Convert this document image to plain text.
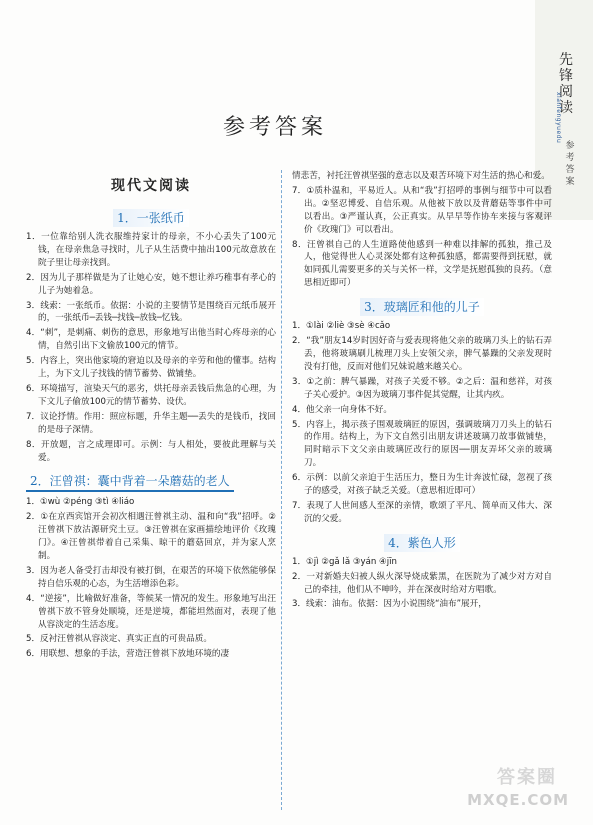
先锋阅读
xianfengyuedu
参考答案
参考答案
现代文阅读
1．一张纸币

1．一位靠给别人洗衣服维持家计的母亲，不小心丢失了100元钱，在母亲焦急寻找时，儿子从生活费中抽出100元故意放在院子里让母亲找到。

2．因为儿子那样做是为了让她心安，她不想让养巧稚事有孝心的儿子为她着急。

3．线索：一张纸币。依据：小说的主要情节是围绕百元纸币展开的，一张纸币─丢钱─找钱─放钱─忆钱。

4．“刺”，是刺痛、刺伤的意思，形象地写出他当时心疼母亲的心情，自然引出下文偷放100元的情节。

5．内容上，突出他家境的窘迫以及母亲的辛劳和他的懂事。结构上，为下文儿子找钱的情节蓄势、做铺垫。

6．环境描写，渲染天气的恶劣，烘托母亲丢钱后焦急的心理，为下文儿子偷放100元的情节蓄势、设伏。

7．议论抒情。作用：照应标题，升华主题──丢失的是钱币，找回的是母子深情。

8．开放题，言之成理即可。示例：与人相处，要彼此理解与关爱。

2．汪曾祺：囊中背着一朵蘑菇的老人

1．①wù ②péng ③tì ④liáo

2．①在京西宾馆开会初次相遇汪曾祺主动、温和向“我”招呼。②汪曾祺下放沽源研究土豆。③汪曾祺在家画描绘地评价《玫瑰门》。④汪曾祺带着自己采集、晾干的蘑菇回京，并为家人烹制。

3．因为老人备受打击却没有被打倒，在艰苦的环境下依然能够保持自信乐观的心态，为生活增添色彩。

4．“逆接”，比喻做好准备，等候某一情况的发生。形象地写出汪曾祺下放不管身处顺境，还是逆境，都能坦然面对，表现了他从容淡定的生活态度。

5．反衬汪曾祺从容淡定、真实正直的可贵品质。

6．用联想、想象的手法，营造汪曾祺下放地环境的凄

情悲苦，衬托汪曾祺坚强的意志以及艰苦环境下对生活的热心和爱。

7．①质朴温和，平易近人。从和“我”打招呼的事例与细节中可以看出。②坚忍博爱、自信乐观。从他被下放以及背蘑菇等事件中可以看出。③严谨认真，公正真实。从早早等作协车来接与客观评价《玫瑰门》可以看出。

8．汪曾祺自己的人生道路使他感到一种难以排解的孤独，推己及人，他觉得世人心灵深处都有这种孤独感，都需要得到抚慰，就如同孤儿需要更多的关与关怀一样，文学是抚慰孤独的良药。（意思相近即可）

3．玻璃匠和他的儿子

1．①lài ②liè ③sè ④cǎo

2．“我”朋友14岁时因好奇与爱表现将他父亲的玻璃刀头上的钻石弄丢，他将玻璃刷儿梳理刀头上安领父亲，脾气暴躁的父亲发现时没有打他，反而对他们兄妹说越来越关心。

3．①之前：脾气暴躁，对孩子关爱不够。②之后：温和慈祥，对孩子关心爱护。③因为玻璃刀事件促其觉醒，让其内疚。

4．他父亲一向身体不好。

5．内容上，揭示孩子围观玻璃匠的原因，强调玻璃刀刀头上的钻石的作用。结构上，为下文自然引出朋友讲述玻璃刀故事做铺垫，同时暗示下文父亲由玻璃匠改行的原因──朋友弄坏父亲的玻璃刀。

6．示例：以前父亲迫于生活压力，整日为生计奔波忙碌，忽视了孩子的感受，对孩子缺乏关爱。（意思相近即可）

7．表现了人世间感人至深的亲情，歌颂了平凡、简单而又伟大、深沉的父爱。

4．紫色人形

1．①jì ②gǎ lǎ ③yán ④jīn

2．一对新婚夫妇被人纵火深导烧成紫黑，在医院为了减少对方对自己的牵挂，他们从不呻吟，并在深夜时给对方唱歌。

3．线索：油布。依据：因为小说围绕“油布”展开，

答案圈
MXQE.COM
